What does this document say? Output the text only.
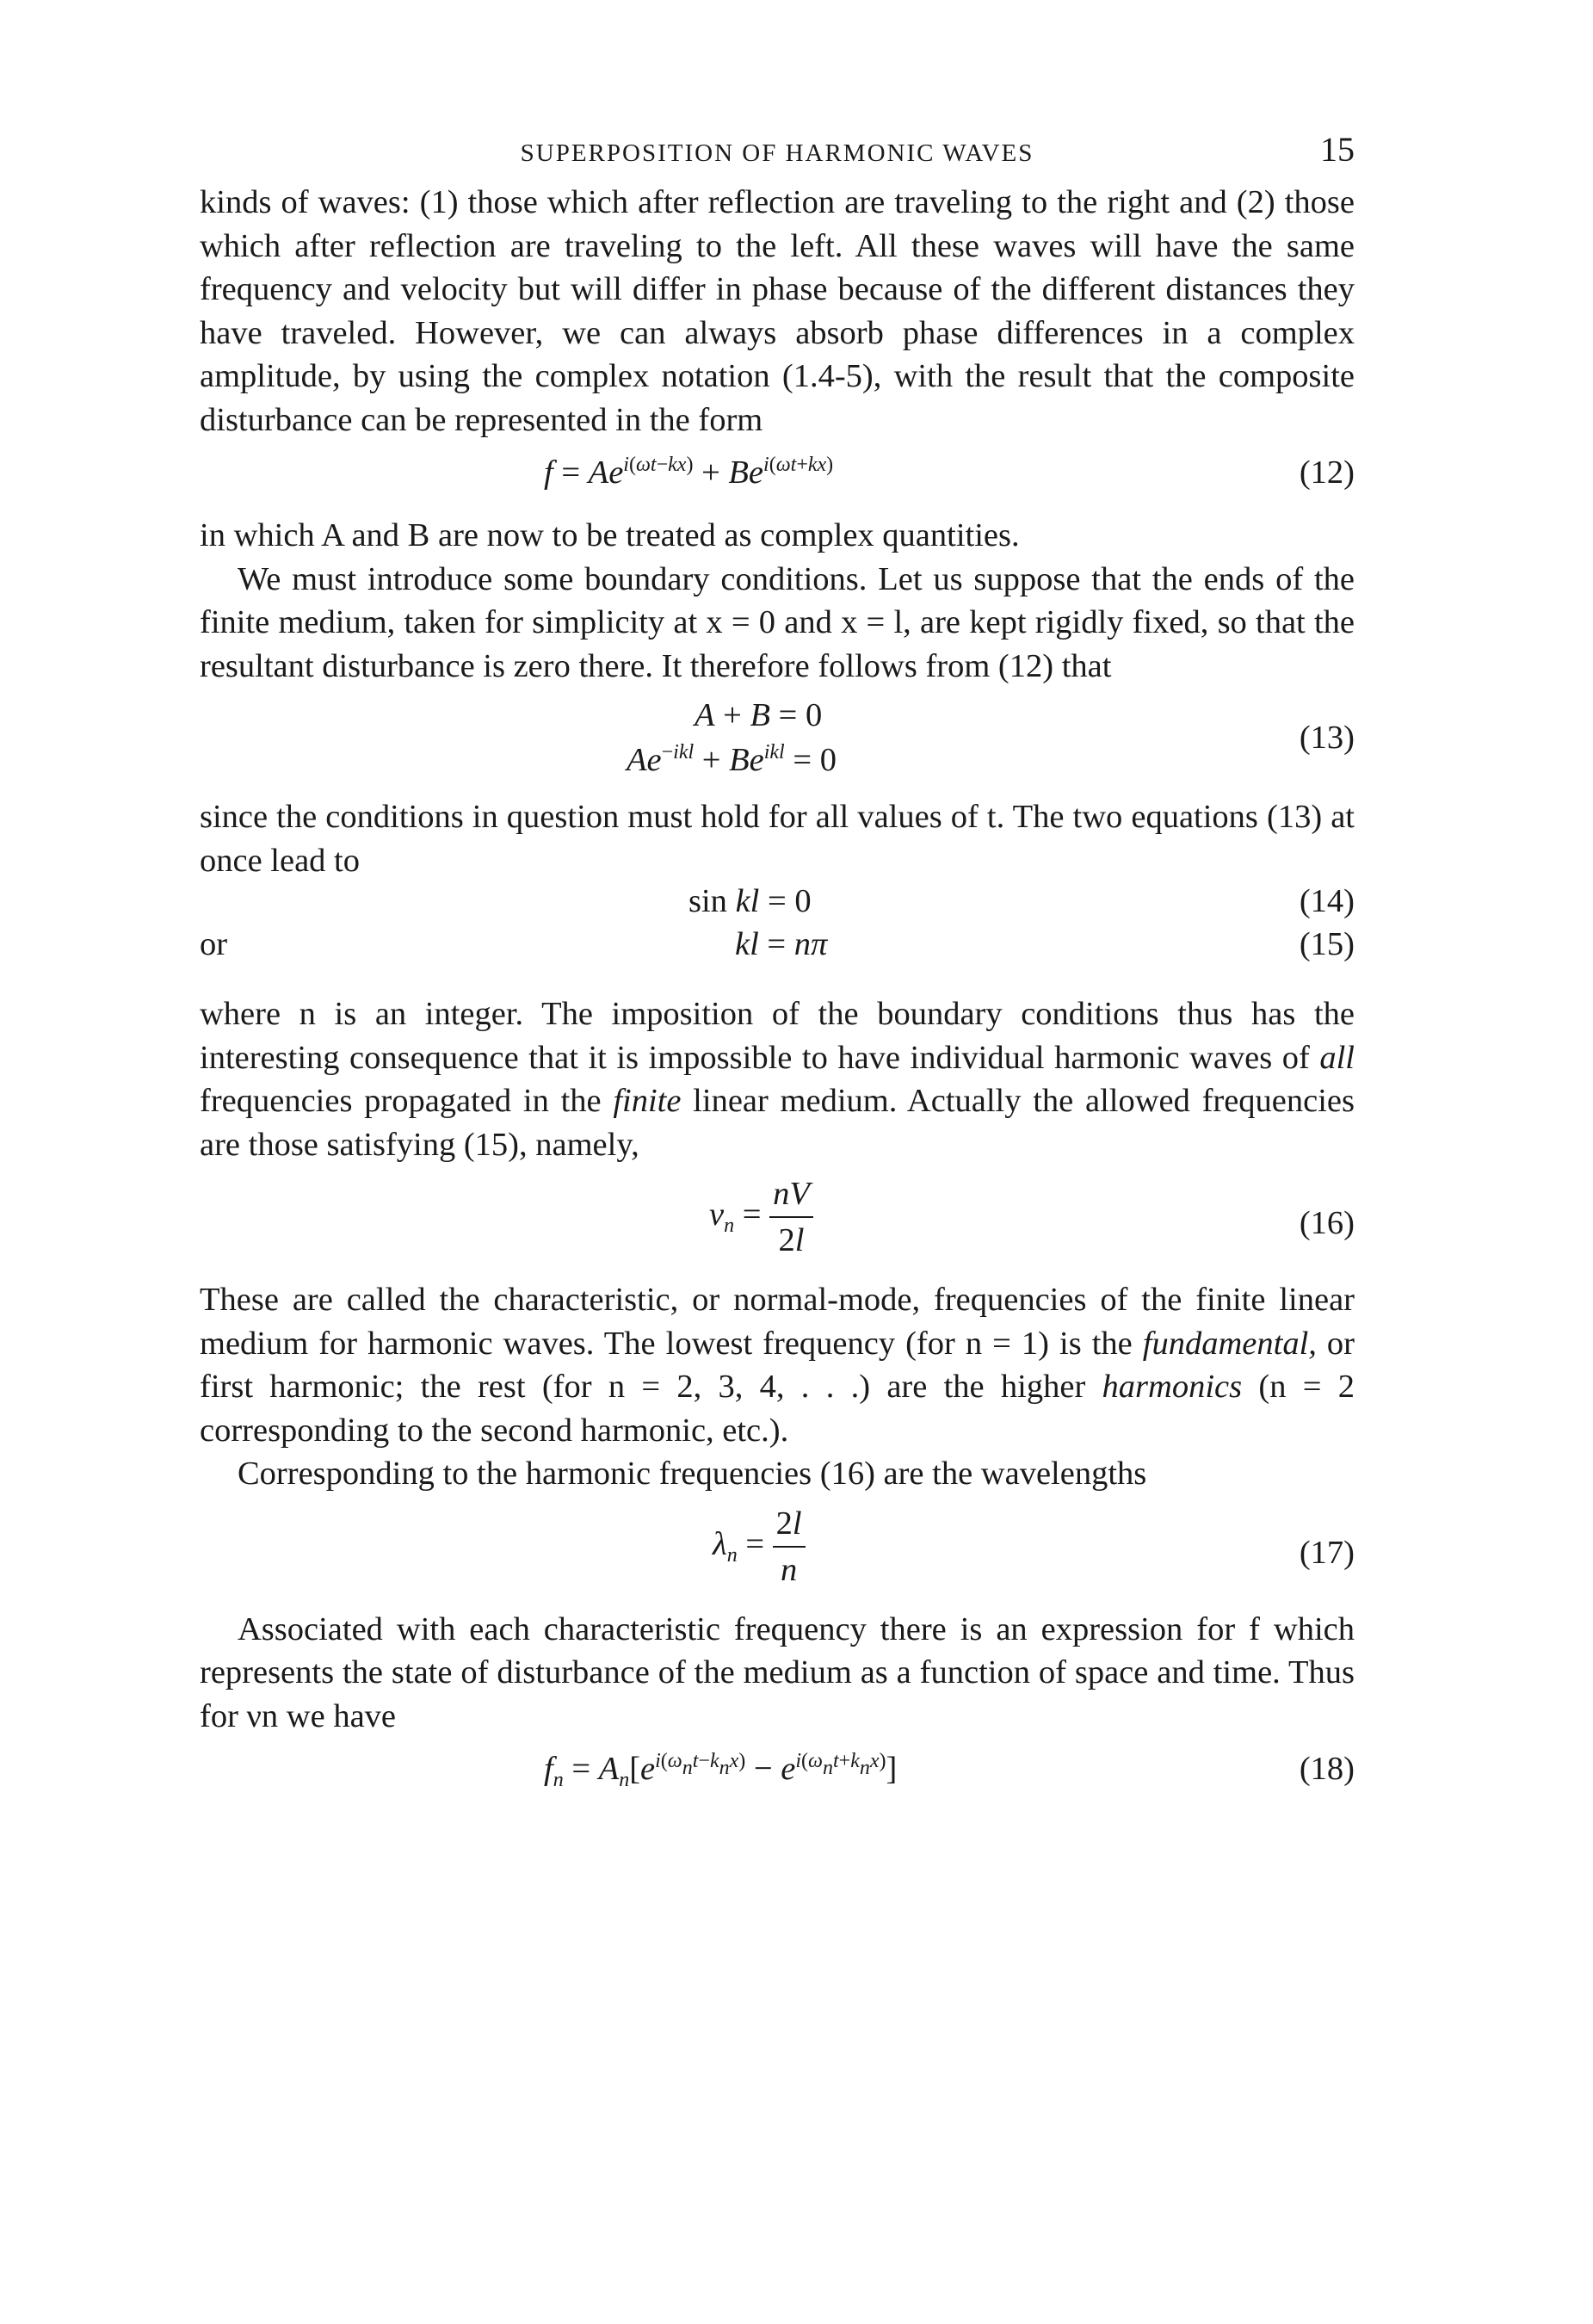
SUPERPOSITION OF HARMONIC WAVES	15

kinds of waves: (1) those which after reflection are traveling to the right and (2) those which after reflection are traveling to the left. All these waves will have the same frequency and velocity but will differ in phase because of the different distances they have traveled. However, we can always absorb phase differences in a complex amplitude, by using the complex notation (1.4-5), with the result that the composite disturbance can be represented in the form

$f = Ae^{i(\omega t-kx)} + Be^{i(\omega t+kx)}$	(12)

in which A and B are now to be treated as complex quantities.

We must introduce some boundary conditions. Let us suppose that the ends of the finite medium, taken for simplicity at x = 0 and x = l, are kept rigidly fixed, so that the resultant disturbance is zero there. It therefore follows from (12) that

A + B = 0
$Ae^{-ikl} + Be^{ikl} = 0$
(13)

since the conditions in question must hold for all values of t. The two equations (13) at once lead to

sin kl = 0	(14)
or	kl = nπ	(15)

where n is an integer. The imposition of the boundary conditions thus has the interesting consequence that it is impossible to have individual harmonic waves of all frequencies propagated in the finite linear medium. Actually the allowed frequencies are those satisfying (15), namely,

$\nu_n = \frac{nV}{2l}$	(16)

These are called the characteristic, or normal-mode, frequencies of the finite linear medium for harmonic waves. The lowest frequency (for n = 1) is the fundamental, or first harmonic; the rest (for n = 2, 3, 4, . . .) are the higher harmonics (n = 2 corresponding to the second harmonic, etc.).

Corresponding to the harmonic frequencies (16) are the wavelengths

$\lambda_n = \frac{2l}{n}$	(17)

Associated with each characteristic frequency there is an expression for f which represents the state of disturbance of the medium as a function of space and time. Thus for νn we have

$f_n = A_n[e^{i(\omega_nt-k_nx)} - e^{i(\omega_nt+k_nx)}]$	(18)
